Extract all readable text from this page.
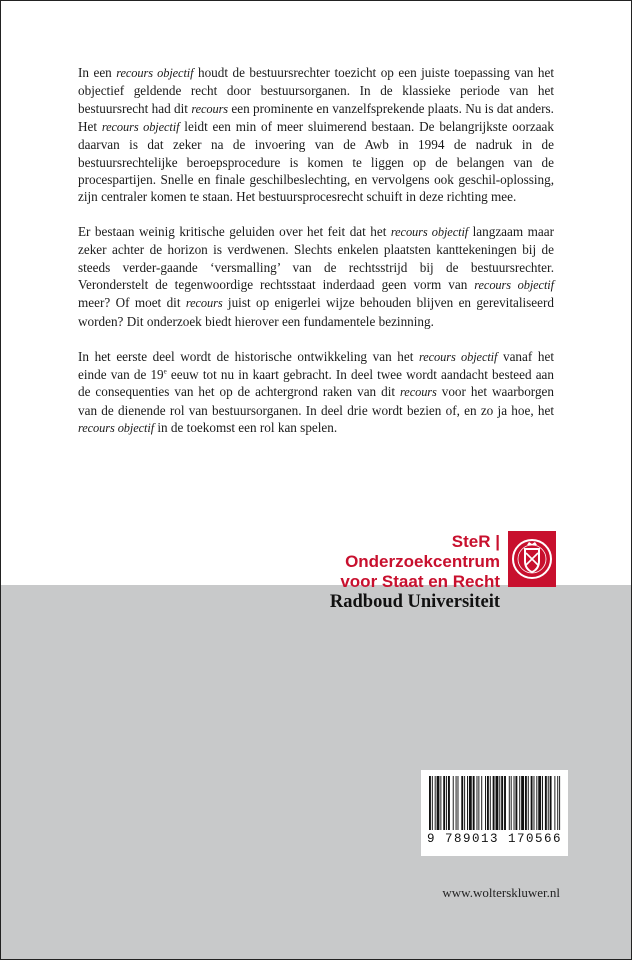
In een recours objectif houdt de bestuursrechter toezicht op een juiste toepassing van het objectief geldende recht door bestuursorganen. In de klassieke periode van het bestuursrecht had dit recours een prominente en vanzelfsprekende plaats. Nu is dat anders. Het recours objectif leidt een min of meer sluimerend bestaan. De belangrijkste oorzaak daarvan is dat zeker na de invoering van de Awb in 1994 de nadruk in de bestuursrechtelijke beroepsprocedure is komen te liggen op de belangen van de procespartijen. Snelle en finale geschilbeslechting, en vervolgens ook geschil-oplossing, zijn centraler komen te staan. Het bestuursprocesrecht schuift in deze richting mee.

Er bestaan weinig kritische geluiden over het feit dat het recours objectif langzaam maar zeker achter de horizon is verdwenen. Slechts enkelen plaatsten kanttekeningen bij de steeds verder-gaande ‘versmalling’ van de rechtsstrijd bij de bestuursrechter. Veronderstelt de tegenwoordige rechtsstaat inderdaad geen vorm van recours objectif meer? Of moet dit recours juist op enigerlei wijze behouden blijven en gerevitaliseerd worden? Dit onderzoek biedt hierover een fundamentele bezinning.

In het eerste deel wordt de historische ontwikkeling van het recours objectif vanaf het einde van de 19e eeuw tot nu in kaart gebracht. In deel twee wordt aandacht besteed aan de consequenties van het op de achtergrond raken van dit recours voor het waarborgen van de dienende rol van bestuursorganen. In deel drie wordt bezien of, en zo ja hoe, het recours objectif in de toekomst een rol kan spelen.

SteR | Onderzoekcentrum
voor Staat en Recht
Radboud Universiteit
9 789013 170566
www.wolterskluwer.nl
